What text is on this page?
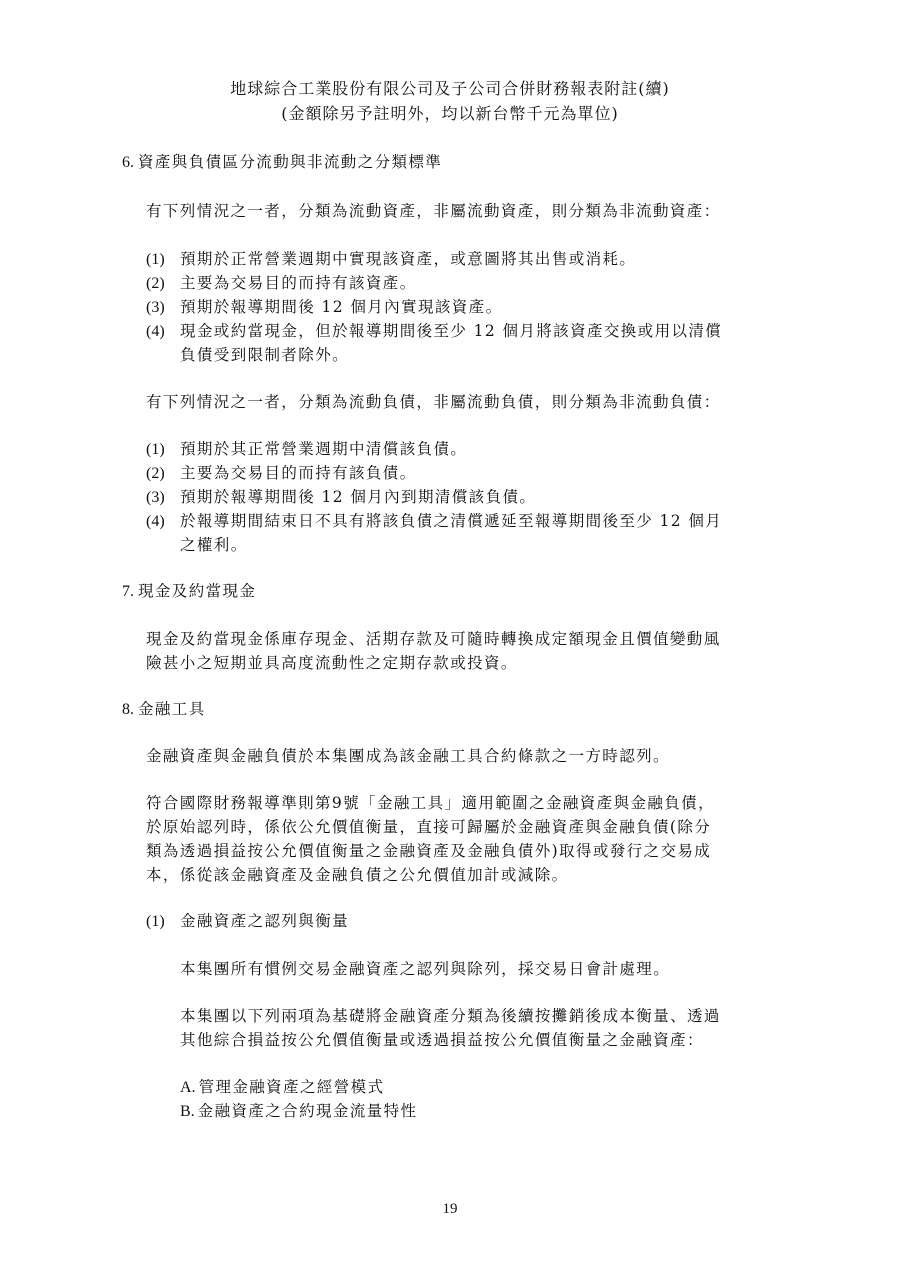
地球綜合工業股份有限公司及子公司合併財務報表附註(續)
(金額除另予註明外，均以新台幣千元為單位)
6. 資產與負債區分流動與非流動之分類標準
有下列情況之一者，分類為流動資產，非屬流動資產，則分類為非流動資產：
(1) 預期於正常營業週期中實現該資產，或意圖將其出售或消耗。
(2) 主要為交易目的而持有該資產。
(3) 預期於報導期間後 12 個月內實現該資產。
(4) 現金或約當現金，但於報導期間後至少 12 個月將該資產交換或用以清償
負債受到限制者除外。
有下列情況之一者，分類為流動負債，非屬流動負債，則分類為非流動負債：
(1) 預期於其正常營業週期中清償該負債。
(2) 主要為交易目的而持有該負債。
(3) 預期於報導期間後 12 個月內到期清償該負債。
(4) 於報導期間結束日不具有將該負債之清償遞延至報導期間後至少 12 個月
之權利。
7. 現金及約當現金
現金及約當現金係庫存現金、活期存款及可隨時轉換成定額現金且價值變動風
險甚小之短期並具高度流動性之定期存款或投資。
8. 金融工具
金融資產與金融負債於本集團成為該金融工具合約條款之一方時認列。
符合國際財務報導準則第9號「金融工具」適用範圍之金融資產與金融負債，
於原始認列時，係依公允價值衡量，直接可歸屬於金融資產與金融負債(除分
類為透過損益按公允價值衡量之金融資產及金融負債外)取得或發行之交易成
本，係從該金融資產及金融負債之公允價值加計或減除。
(1) 金融資產之認列與衡量
本集團所有慣例交易金融資產之認列與除列，採交易日會計處理。
本集團以下列兩項為基礎將金融資產分類為後續按攤銷後成本衡量、透過
其他綜合損益按公允價值衡量或透過損益按公允價值衡量之金融資產：
A. 管理金融資產之經營模式
B. 金融資產之合約現金流量特性
19
